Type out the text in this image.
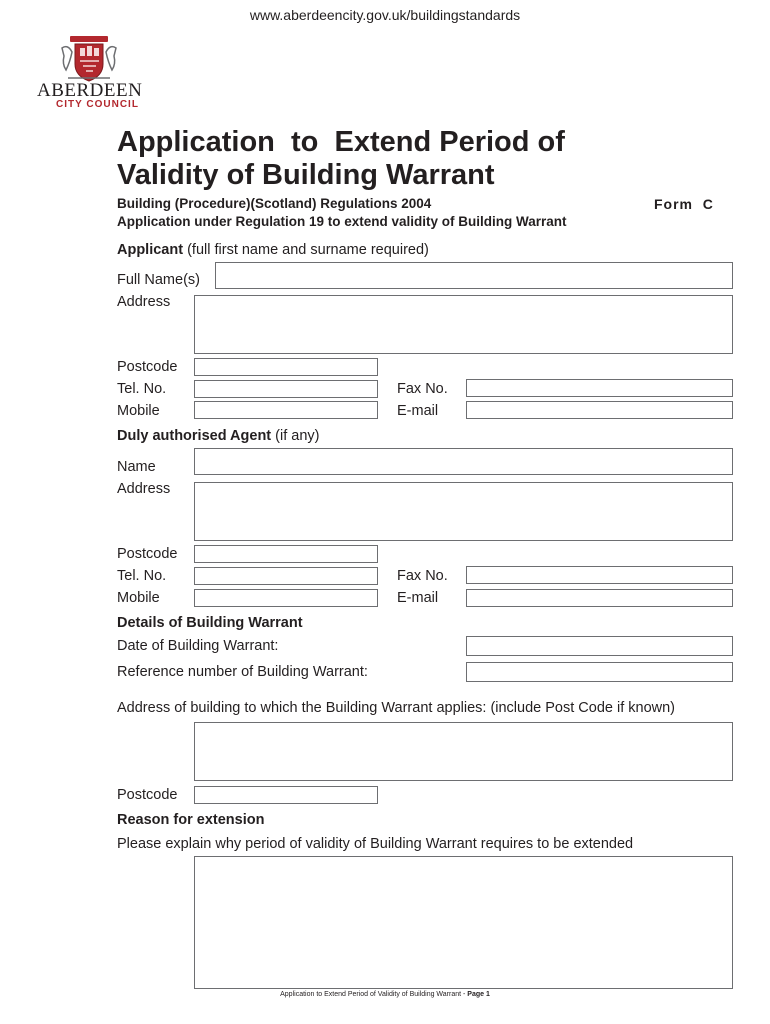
www.aberdeencity.gov.uk/buildingstandards
ABERDEEN
CITY COUNCIL
Application  to  Extend Period of
Validity of Building Warrant
Building (Procedure)(Scotland) Regulations 2004
Application under Regulation 19 to extend validity of Building Warrant
Form  C
Applicant (full first name and surname required)
Full Name(s)
Address
Postcode
Tel. No.	Fax No.
Mobile	E-mail
Duly authorised Agent (if any)
Name
Address
Postcode
Tel. No.	Fax No.
Mobile	E-mail
Details of Building Warrant
Date of Building Warrant:
Reference number of Building Warrant:
Address of building to which the Building Warrant applies: (include Post Code if known)
Postcode
Reason for extension
Please explain why period of validity of Building Warrant requires to be extended
Application to Extend Period of Validity of Building Warrant - Page 1
